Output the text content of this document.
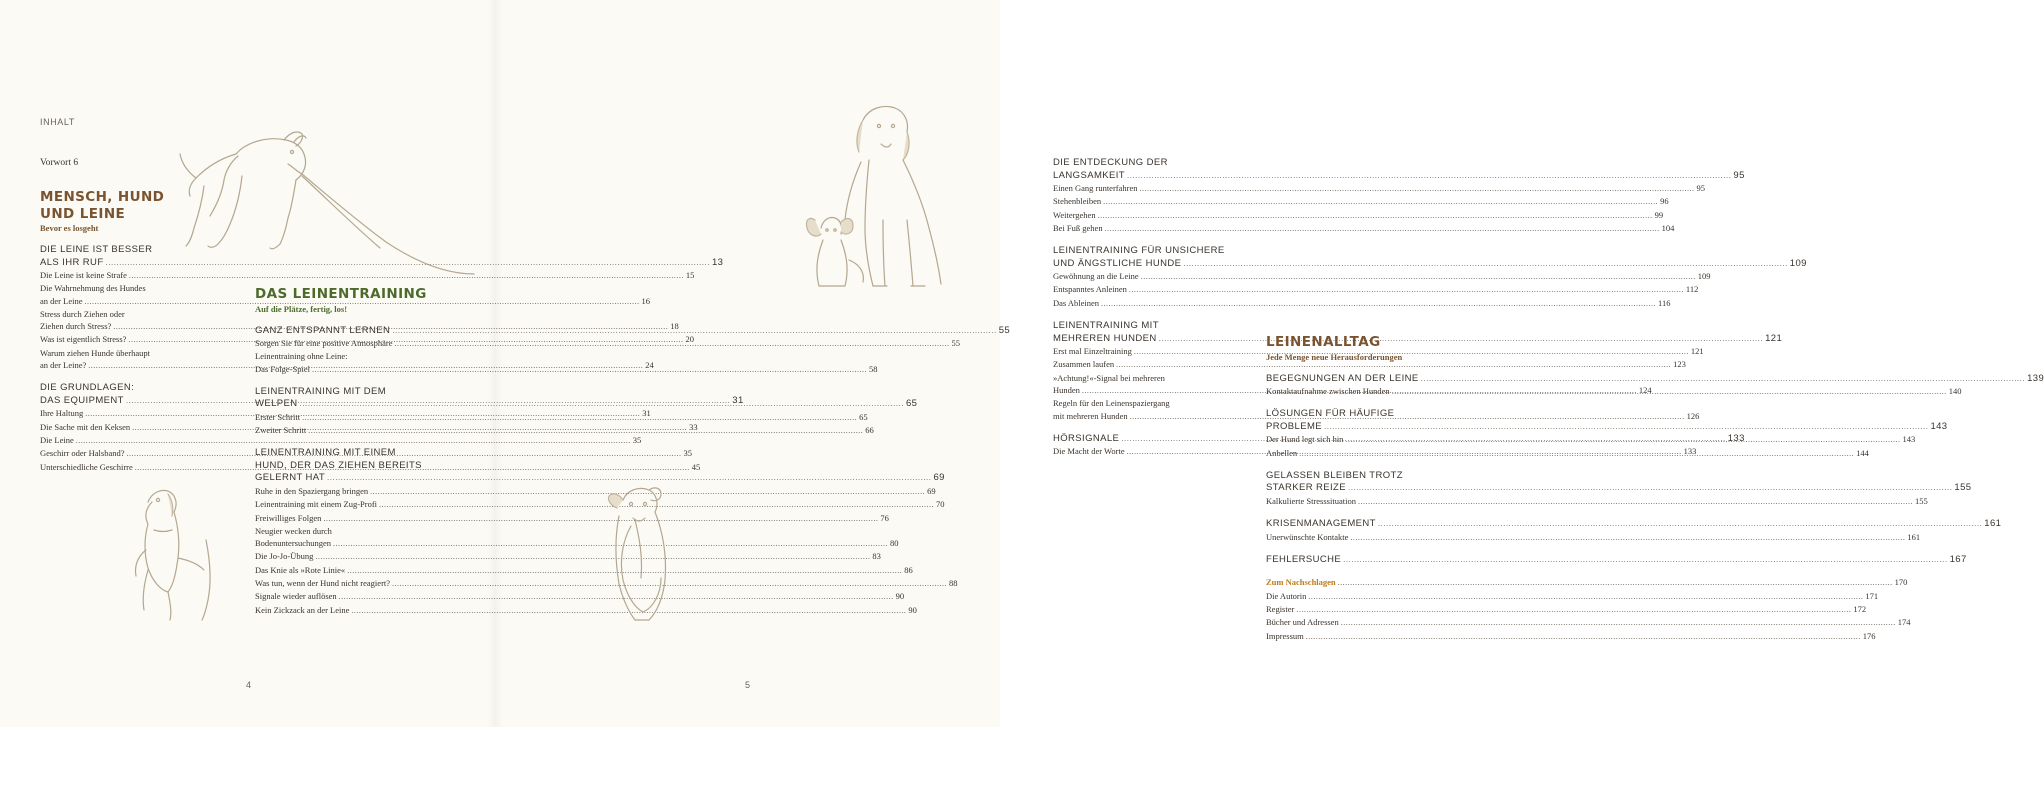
INHALT
Vorwort 6
MENSCH, HUND
UND LEINE
Bevor es losgeht
DIE LEINE IST BESSER
ALS IHR RUF .....	13
Die Leine ist keine Strafe .....	15
Die Wahrnehmung des Hundes
an der Leine .....	16
Stress durch Ziehen oder
Ziehen durch Stress? .....	18
Was ist eigentlich Stress? .....	20
Warum ziehen Hunde überhaupt
an der Leine? .....	24
DIE GRUNDLAGEN:
DAS EQUIPMENT .....	31
Ihre Haltung .....	31
Die Sache mit den Keksen .....	33
Die Leine .....	35
Geschirr oder Halsband? .....	35
Unterschiedliche Geschirre .....	45
DAS LEINENTRAINING
Auf die Plätze, fertig, los!
GANZ ENTSPANNT LERNEN .....	55
Sorgen Sie für eine positive Atmosphäre .....	55
Leinentraining ohne Leine:
Das Folge-Spiel .....	58
LEINENTRAINING MIT DEM
WELPEN .....	65
Erster Schritt .....	65
Zweiter Schritt .....	66
LEINENTRAINING MIT EINEM
HUND, DER DAS ZIEHEN BEREITS
GELERNT HAT .....	69
Ruhe in den Spaziergang bringen .....	69
Leinentraining mit einem Zug-Profi .....	70
Freiwilliges Folgen .....	76
Neugier wecken durch
Bodenuntersuchungen .....	80
Die Jo-Jo-Übung .....	83
Das Knie als »Rote Linie« .....	86
Was tun, wenn der Hund nicht reagiert? .....	88
Signale wieder auflösen .....	90
Kein Zickzack an der Leine .....	90
4
DIE ENTDECKUNG DER
LANGSAMKEIT .....	95
Einen Gang runterfahren .....	95
Stehenbleiben .....	96
Weitergehen .....	99
Bei Fuß gehen .....	104
LEINENTRAINING FÜR UNSICHERE
UND ÄNGSTLICHE HUNDE .....	109
Gewöhnung an die Leine .....	109
Entspanntes Anleinen .....	112
Das Ableinen .....	116
LEINENTRAINING MIT
MEHREREN HUNDEN .....	121
Erst mal Einzeltraining .....	121
Zusammen laufen .....	123
»Achtung!«-Signal bei mehreren
Hunden .....	124
Regeln für den Leinenspaziergang
mit mehreren Hunden .....	126
HÖRSIGNALE .....	133
Die Macht der Worte .....	133
LEINENALLTAG
Jede Menge neue Herausforderungen
BEGEGNUNGEN AN DER LEINE .....	139
Kontaktaufnahme zwischen Hunden .....	140
LÖSUNGEN FÜR HÄUFIGE
PROBLEME .....	143
Der Hund legt sich hin .....	143
Anbellen .....	144
GELASSEN BLEIBEN TROTZ
STARKER REIZE .....	155
Kalkulierte Stresssituation .....	155
KRISENMANAGEMENT .....	161
Unerwünschte Kontakte .....	161
FEHLERSUCHE .....	167
Zum Nachschlagen .....	170
Die Autorin .....	171
Register .....	172
Bücher und Adressen .....	174
Impressum .....	176
5
